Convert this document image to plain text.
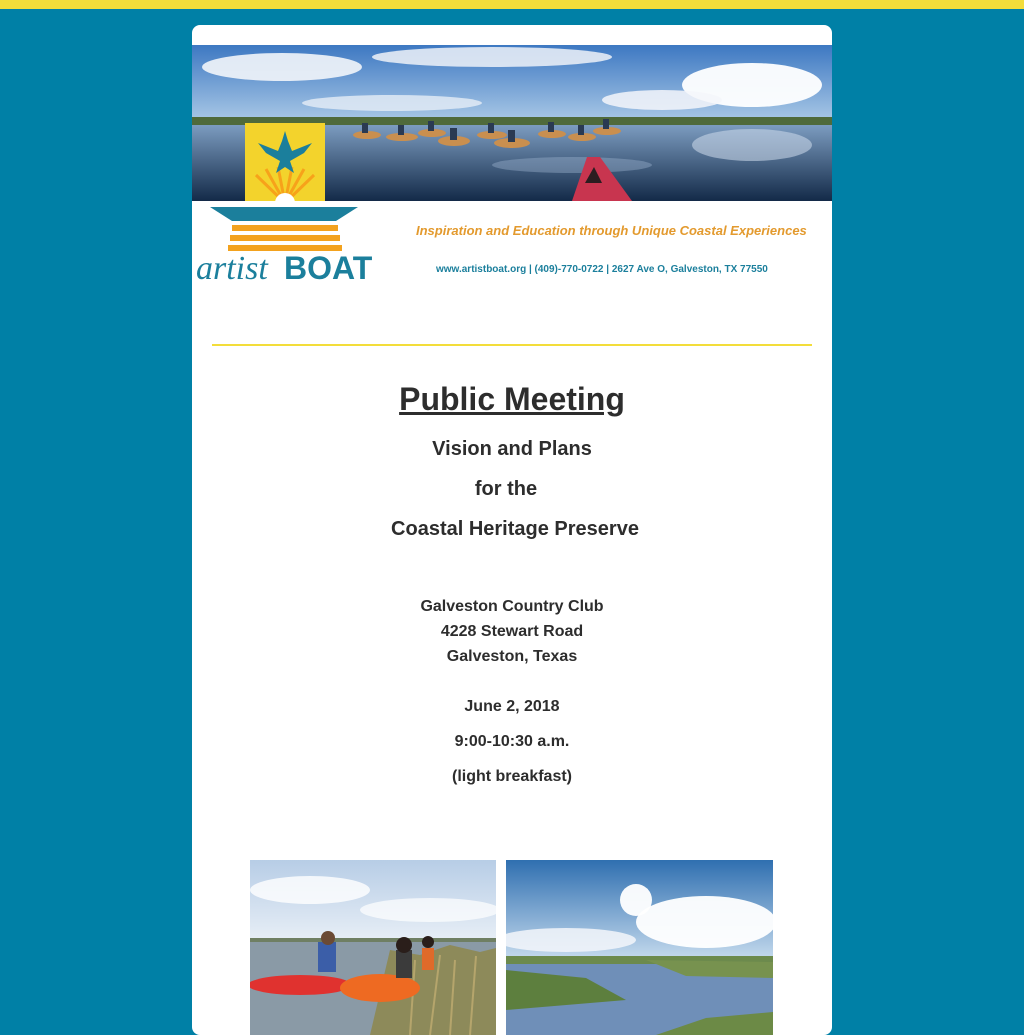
artist BOAT
Inspiration and Education through Unique Coastal Experiences
www.artistboat.org | (409)-770-0722 | 2627 Ave O, Galveston, TX 77550
Public Meeting
Vision and Plans
for the
Coastal Heritage Preserve
Galveston Country Club
4228 Stewart Road
Galveston, Texas
June 2, 2018
9:00-10:30 a.m.
(light breakfast)
